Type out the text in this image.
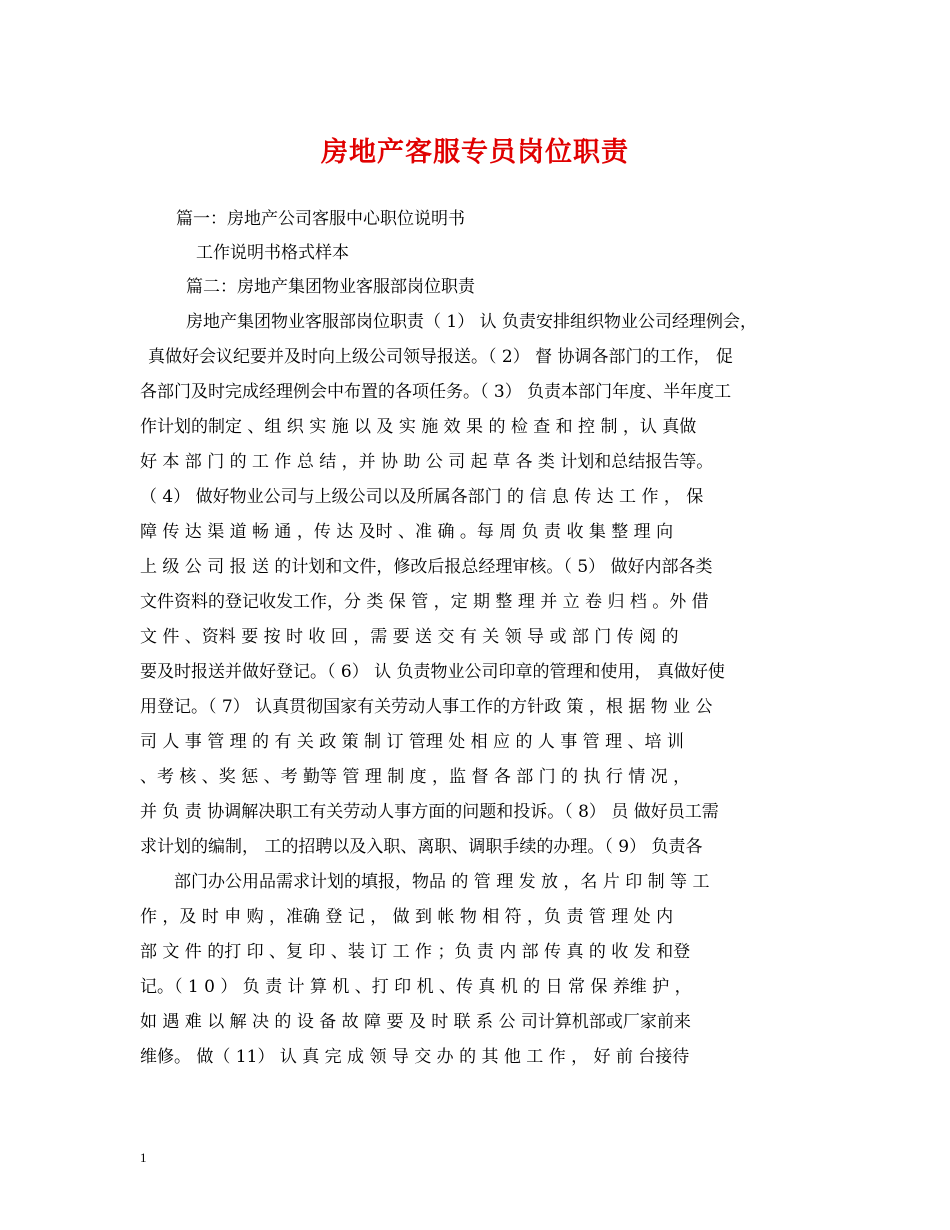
房地产客服专员岗位职责
篇一：房地产公司客服中心职位说明书
工作说明书格式样本
篇二：房地产集团物业客服部岗位职责
房地产集团物业客服部岗位职责（ 1） 认 负责安排组织物业公司经理例会，
真做好会议纪要并及时向上级公司领导报送。（ 2） 督 协调各部门的工作， 促
各部门及时完成经理例会中布置的各项任务。（ 3） 负责本部门年度、半年度工
作计划的制定 、组 织 实 施 以 及 实 施 效 果 的 检 查 和 控 制 ，认 真做
好 本 部 门 的 工 作 总 结 ，并 协 助 公 司 起 草 各 类 计划和总结报告等。
（ 4） 做好物业公司与上级公司以及所属各部门 的 信 息 传 达 工 作 ， 保
障 传 达 渠 道 畅 通 ，传 达 及时 、准 确 。每 周 负 责 收 集 整 理 向
上 级 公 司 报 送 的计划和文件，修改后报总经理审核。（ 5） 做好内部各类
文件资料的登记收发工作，分 类 保 管 ，定 期 整 理 并 立 卷 归 档 。外 借
文 件 、资料 要 按 时 收 回 ，需 要 送 交 有 关 领 导 或 部 门 传 阅 的
要及时报送并做好登记。（ 6） 认 负责物业公司印章的管理和使用， 真做好使
用登记。（ 7） 认真贯彻国家有关劳动人事工作的方针政 策 ，根 据 物 业 公
司 人 事 管 理 的 有 关 政 策 制 订 管理 处 相 应 的 人 事 管 理 、培 训
、考 核 、奖 惩 、考 勤等 管 理 制 度 ，监 督 各 部 门 的 执 行 情 况 ，
并 负 责 协调解决职工有关劳动人事方面的问题和投诉。（ 8） 员 做好员工需
求计划的编制， 工的招聘以及入职、离职、调职手续的办理。（ 9） 负责各
部门办公用品需求计划的填报，物品 的 管 理 发 放 ，名 片 印 制 等 工
作 ，及 时 申 购 ，准确 登 记 ， 做 到 帐 物 相 符 ，负 责 管 理 处 内
部 文 件 的打 印 、复 印 、装 订 工 作 ；负 责 内 部 传 真 的 收 发 和登
记。（ 1 0 ） 负 责 计 算 机 、打 印 机 、传 真 机 的 日 常 保 养维 护 ，
如 遇 难 以 解 决 的 设 备 故 障 要 及 时 联 系 公 司计算机部或厂家前来
维修。 做（ 11） 认 真 完 成 领 导 交 办 的 其 他 工 作 ， 好 前 台接待
1
